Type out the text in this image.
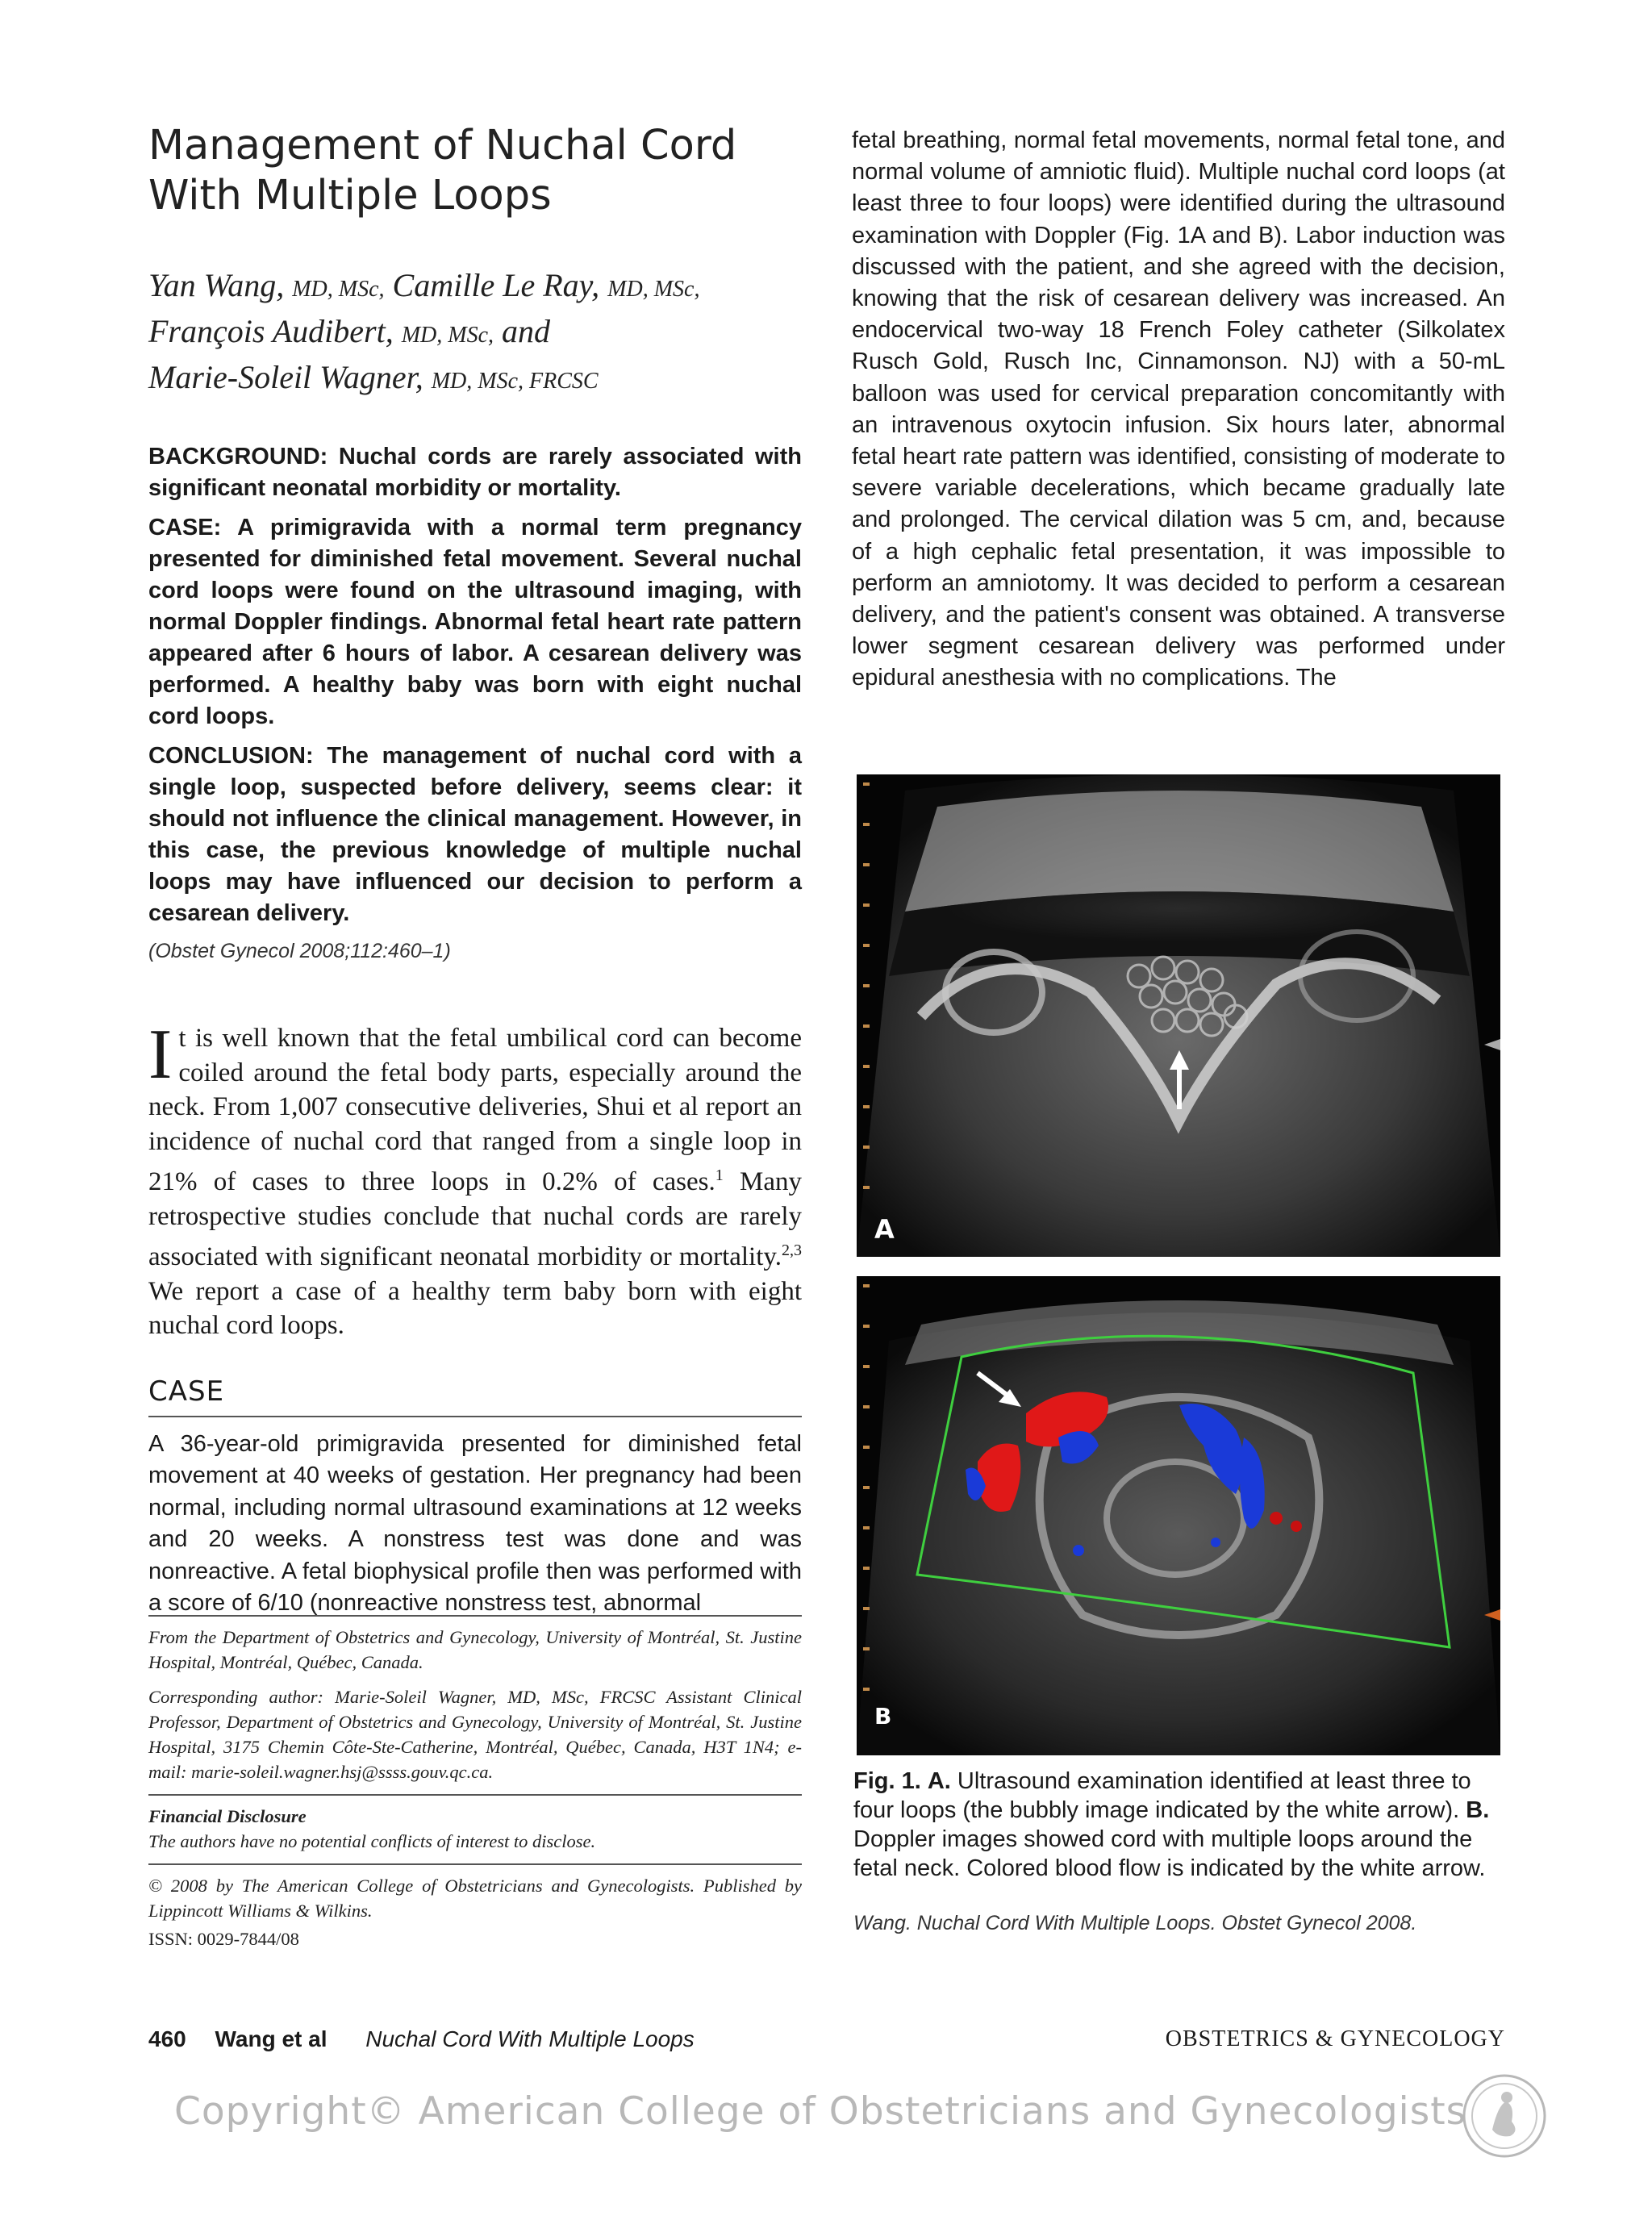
Management of Nuchal Cord
With Multiple Loops
Yan Wang, MD, MSc, Camille Le Ray, MD, MSc,
François Audibert, MD, MSc, and
Marie-Soleil Wagner, MD, MSc, FRCSC

BACKGROUND: Nuchal cords are rarely associated with significant neonatal morbidity or mortality.

CASE: A primigravida with a normal term pregnancy presented for diminished fetal movement. Several nuchal cord loops were found on the ultrasound imaging, with normal Doppler findings. Abnormal fetal heart rate pattern appeared after 6 hours of labor. A cesarean delivery was performed. A healthy baby was born with eight nuchal cord loops.

CONCLUSION: The management of nuchal cord with a single loop, suspected before delivery, seems clear: it should not influence the clinical management. However, in this case, the previous knowledge of multiple nuchal loops may have influenced our decision to perform a cesarean delivery.

(Obstet Gynecol 2008;112:460–1)

It is well known that the fetal umbilical cord can become coiled around the fetal body parts, especially around the neck. From 1,007 consecutive deliveries, Shui et al report an incidence of nuchal cord that ranged from a single loop in 21% of cases to three loops in 0.2% of cases.$^1$ Many retrospective studies conclude that nuchal cords are rarely associated with significant neonatal morbidity or mortality.$^{2,3}$ We report a case of a healthy term baby born with eight nuchal cord loops.

CASE

A 36-year-old primigravida presented for diminished fetal movement at 40 weeks of gestation. Her pregnancy had been normal, including normal ultrasound examinations at 12 weeks and 20 weeks. A nonstress test was done and was nonreactive. A fetal biophysical profile then was performed with a score of 6/10 (nonreactive nonstress test, abnormal

From the Department of Obstetrics and Gynecology, University of Montréal, St. Justine Hospital, Montréal, Québec, Canada.

Corresponding author: Marie-Soleil Wagner, MD, MSc, FRCSC Assistant Clinical Professor, Department of Obstetrics and Gynecology, University of Montréal, St. Justine Hospital, 3175 Chemin Côte-Ste-Catherine, Montréal, Québec, Canada, H3T 1N4; e-mail: marie-soleil.wagner.hsj@ssss.gouv.qc.ca.

Financial Disclosure

The authors have no potential conflicts of interest to disclose.

© 2008 by The American College of Obstetricians and Gynecologists. Published by Lippincott Williams & Wilkins.

ISSN: 0029-7844/08

fetal breathing, normal fetal movements, normal fetal tone, and normal volume of amniotic fluid). Multiple nuchal cord loops (at least three to four loops) were identified during the ultrasound examination with Doppler (Fig. 1A and B). Labor induction was discussed with the patient, and she agreed with the decision, knowing that the risk of cesarean delivery was increased. An endocervical two-way 18 French Foley catheter (Silkolatex Rusch Gold, Rusch Inc, Cinnamonson. NJ) with a 50-mL balloon was used for cervical preparation concomitantly with an intravenous oxytocin infusion. Six hours later, abnormal fetal heart rate pattern was identified, consisting of moderate to severe variable decelerations, which became gradually late and prolonged. The cervical dilation was 5 cm, and, because of a high cephalic fetal presentation, it was impossible to perform an amniotomy. It was decided to perform a cesarean delivery, and the patient's consent was obtained. A transverse lower segment cesarean delivery was performed under epidural anesthesia with no complications. The

A
B

Fig. 1. A. Ultrasound examination identified at least three to four loops (the bubbly image indicated by the white arrow). B. Doppler images showed cord with multiple loops around the fetal neck. Colored blood flow is indicated by the white arrow.

Wang. Nuchal Cord With Multiple Loops. Obstet Gynecol 2008.
460 Wang et al Nuchal Cord With Multiple Loops	OBSTETRICS & GYNECOLOGY
Copyright© American College of Obstetricians and Gynecologists
